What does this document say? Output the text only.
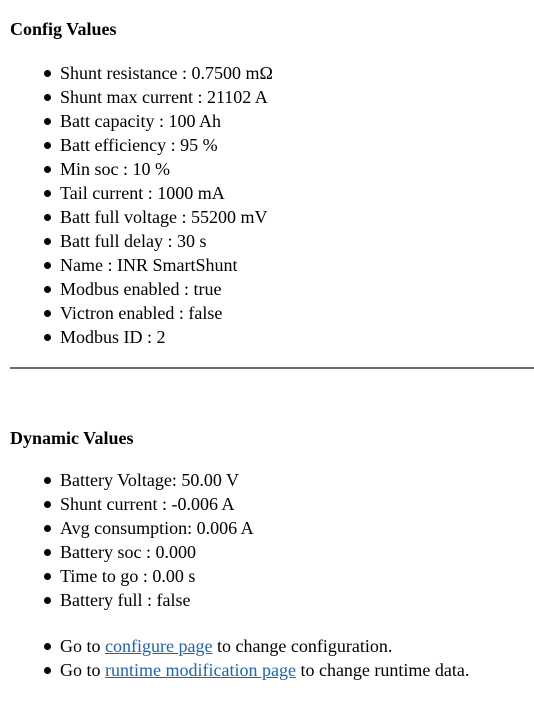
Config Values
Shunt resistance : 0.7500 mΩ
Shunt max current : 21102 A
Batt capacity : 100 Ah
Batt efficiency : 95 %
Min soc : 10 %
Tail current : 1000 mA
Batt full voltage : 55200 mV
Batt full delay : 30 s
Name : INR SmartShunt
Modbus enabled : true
Victron enabled : false
Modbus ID : 2
Dynamic Values
Battery Voltage: 50.00 V
Shunt current : -0.006 A
Avg consumption: 0.006 A
Battery soc : 0.000
Time to go : 0.00 s
Battery full : false
Go to configure page to change configuration.
Go to runtime modification page to change runtime data.
